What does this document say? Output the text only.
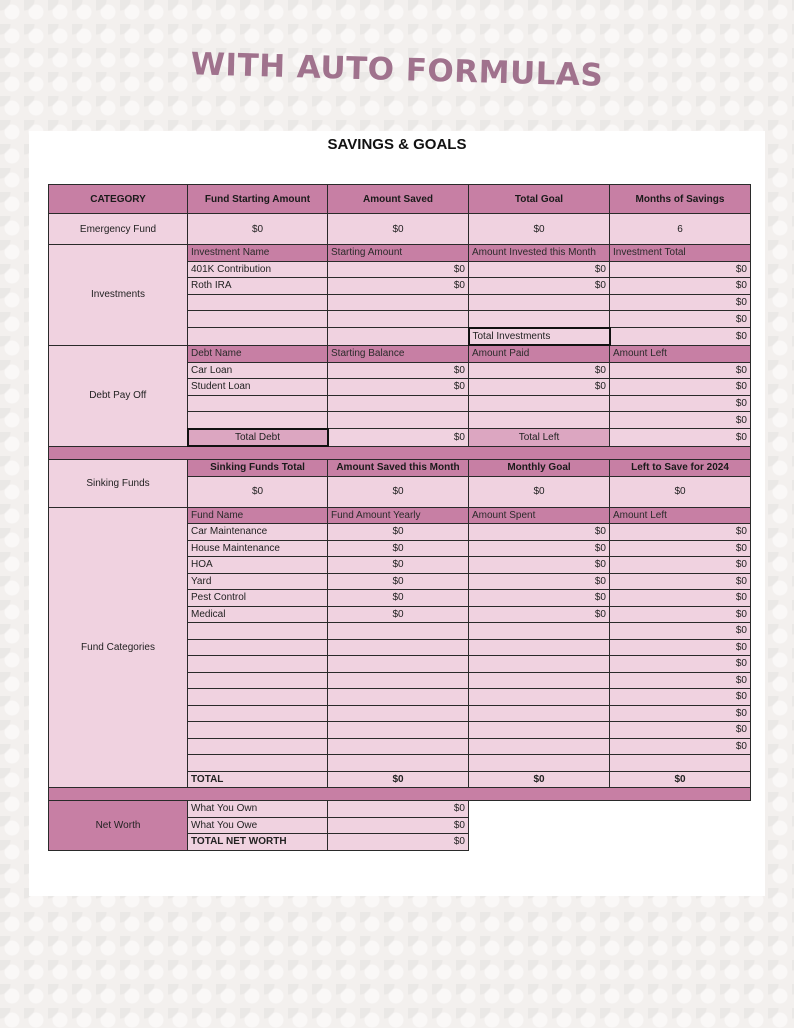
WITH AUTO FORMULAS
SAVINGS & GOALS
CATEGORY	Fund Starting Amount	Amount Saved	Total Goal	Months of Savings
Emergency Fund	$0	$0	$0	6
Investments	Investment Name	Starting Amount	Amount Invested this Month	Investment Total
	401K Contribution	$0	$0	$0
	Roth IRA	$0	$0	$0
				$0
				$0
			Total Investments	$0
Debt Pay Off	Debt Name	Starting Balance	Amount Paid	Amount Left
	Car Loan	$0	$0	$0
	Student Loan	$0	$0	$0
				$0
				$0
	Total Debt	$0	Total Left	$0

Sinking Funds	Sinking Funds Total	Amount Saved this Month	Monthly Goal	Left to Save for 2024
	$0	$0	$0	$0
Fund Categories	Fund Name	Fund Amount Yearly	Amount Spent	Amount Left
	Car Maintenance	$0	$0	$0
	House Maintenance	$0	$0	$0
	HOA	$0	$0	$0
	Yard	$0	$0	$0
	Pest Control	$0	$0	$0
	Medical	$0	$0	$0
				$0
				$0
				$0
				$0
				$0
				$0
				$0
				$0

	TOTAL	$0	$0	$0

Net Worth	What You Own	$0		
	What You Owe	$0		
	TOTAL NET WORTH	$0		
